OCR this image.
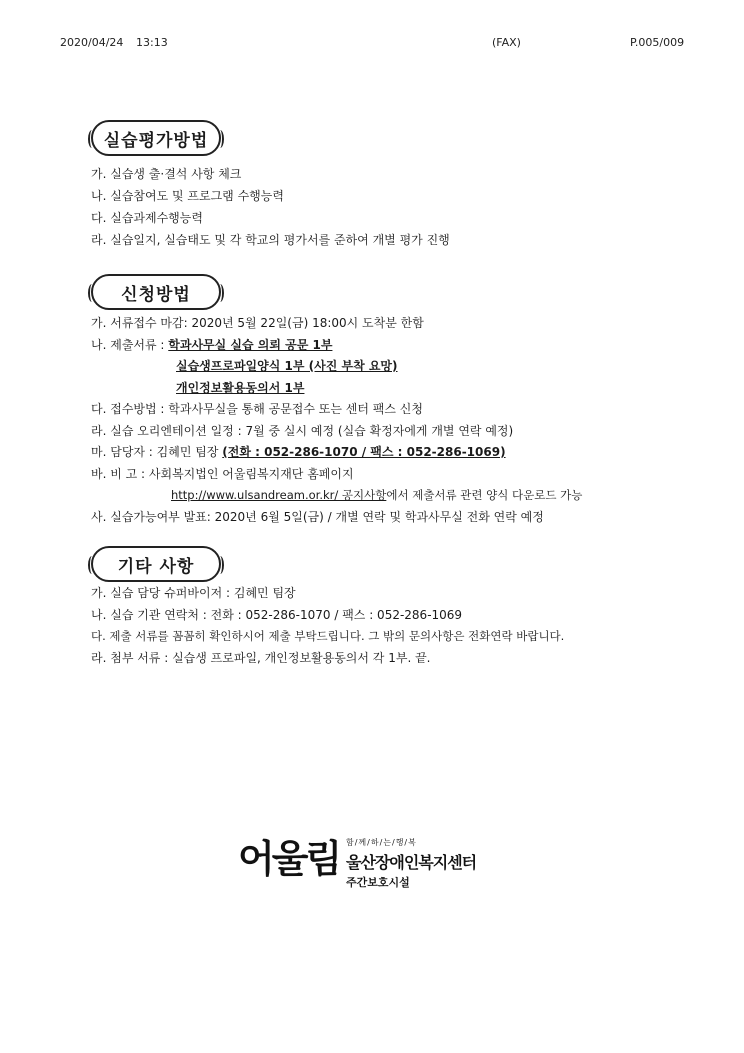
2020/04/24 13:13	(FAX)	P.005/009
실습평가방법
가. 실습생 출·결석 사항 체크
나. 실습참여도 및 프로그램 수행능력
다. 실습과제수행능력
라. 실습일지, 실습태도 및 각 학교의 평가서를 준하여 개별 평가 진행
신청방법
가. 서류접수 마감: 2020년 5월 22일(금) 18:00시 도착분 한함
나. 제출서류 : 학과사무실 실습 의뢰 공문 1부
실습생프로파일양식 1부 (사진 부착 요망)
개인정보활용동의서 1부
다. 접수방법 : 학과사무실을 통해 공문접수 또는 센터 팩스 신청
라. 실습 오리엔테이션 일정 : 7월 중 실시 예정 (실습 확정자에게 개별 연락 예정)
마. 담당자 : 김혜민 팀장 (전화 : 052-286-1070 / 팩스 : 052-286-1069)
바. 비 고 : 사회복지법인 어울림복지재단 홈페이지
http://www.ulsandream.or.kr/ 공지사항에서 제출서류 관련 양식 다운로드 가능
사. 실습가능여부 발표: 2020년 6월 5일(금) / 개별 연락 및 학과사무실 전화 연락 예정
기타 사항
가. 실습 담당 슈퍼바이저 : 김혜민 팀장
나. 실습 기관 연락처 : 전화 : 052-286-1070 / 팩스 : 052-286-1069
다. 제출 서류를 꼼꼼히 확인하시어 제출 부탁드립니다. 그 밖의 문의사항은 전화연락 바랍니다.
라. 첨부 서류 : 실습생 프로파일, 개인정보활용동의서 각 1부. 끝.
어울림 함/께/하/는/행/복
울산장애인복지센터
주간보호시설
